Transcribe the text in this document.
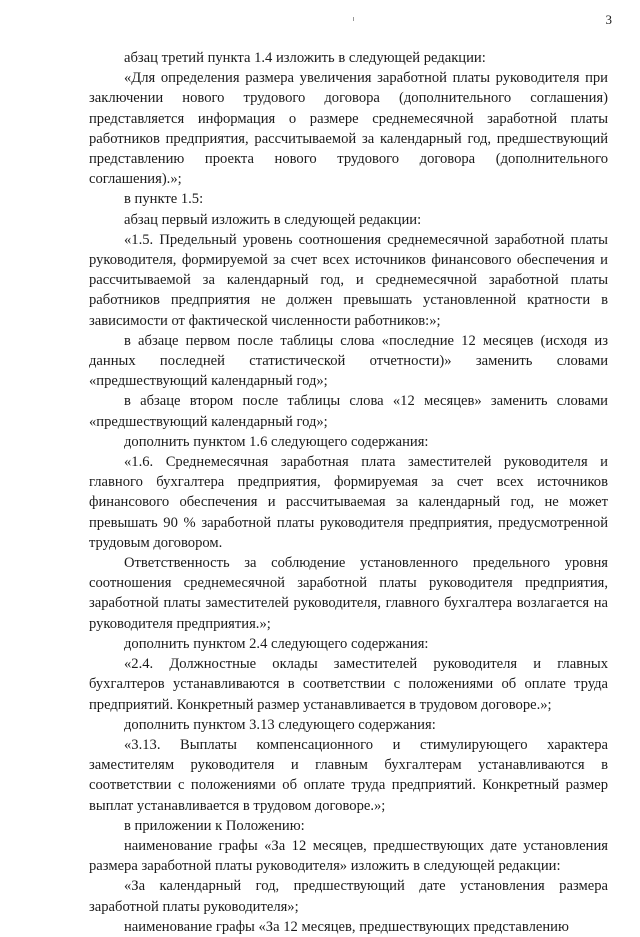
3

абзац третий пункта 1.4 изложить в следующей редакции:

«Для определения размера увеличения заработной платы руководителя при заключении нового трудового договора (дополнительного соглашения) представляется информация о размере среднемесячной заработной платы работников предприятия, рассчитываемой за календарный год, предшествующий представлению проекта нового трудового договора (дополнительного соглашения).»;

в пункте 1.5:

абзац первый изложить в следующей редакции:

«1.5. Предельный уровень соотношения среднемесячной заработной платы руководителя, формируемой за счет всех источников финансового обеспечения и рассчитываемой за календарный год, и среднемесячной заработной платы работников предприятия не должен превышать установленной кратности в зависимости от фактической численности работников:»;

в абзаце первом после таблицы слова «последние 12 месяцев (исходя из данных последней статистической отчетности)» заменить словами «предшествующий календарный год»;

в абзаце втором после таблицы слова «12 месяцев» заменить словами «предшествующий календарный год»;

дополнить пунктом 1.6 следующего содержания:

«1.6. Среднемесячная заработная плата заместителей руководителя и главного бухгалтера предприятия, формируемая за счет всех источников финансового обеспечения и рассчитываемая за календарный год, не может превышать 90 % заработной платы руководителя предприятия, предусмотренной трудовым договором.

Ответственность за соблюдение установленного предельного уровня соотношения среднемесячной заработной платы руководителя предприятия, заработной платы заместителей руководителя, главного бухгалтера возлагается на руководителя предприятия.»;

дополнить пунктом 2.4 следующего содержания:

«2.4. Должностные оклады заместителей руководителя и главных бухгалтеров устанавливаются в соответствии с положениями об оплате труда предприятий. Конкретный размер устанавливается в трудовом договоре.»;

дополнить пунктом 3.13 следующего содержания:

«3.13. Выплаты компенсационного и стимулирующего характера заместителям руководителя и главным бухгалтерам устанавливаются в соответствии с положениями об оплате труда предприятий. Конкретный размер выплат устанавливается в трудовом договоре.»;

в приложении к Положению:

наименование графы «За 12 месяцев, предшествующих дате установления размера заработной платы руководителя» изложить в следующей редакции:

«За календарный год, предшествующий дате установления размера заработной платы руководителя»;

наименование графы «За 12 месяцев, предшествующих представлению
